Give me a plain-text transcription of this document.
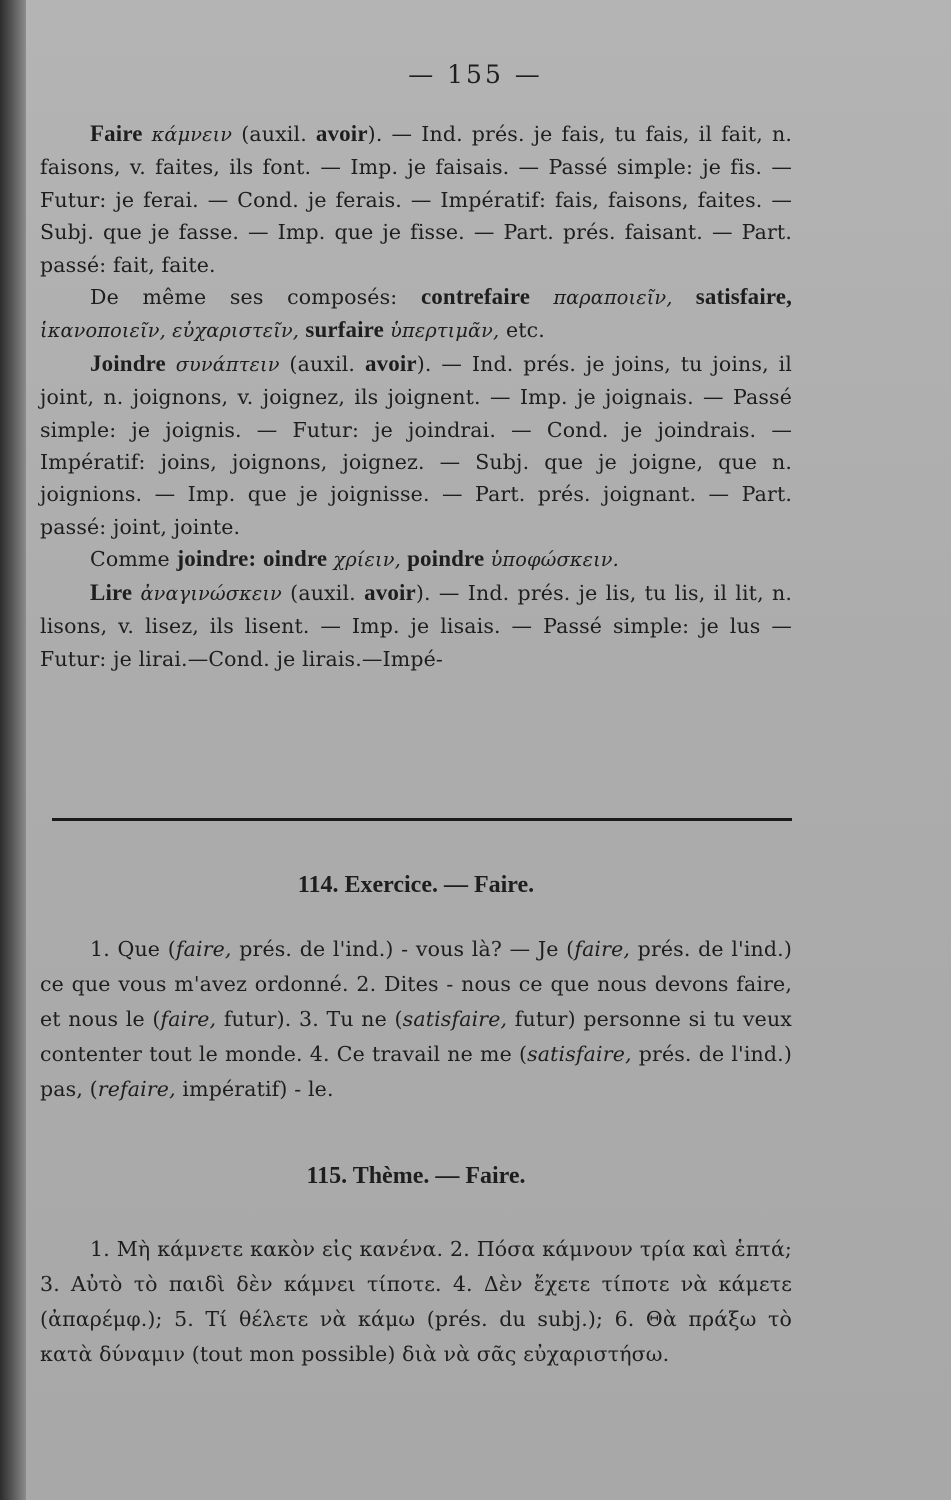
— 155 —

Faire κάμνειν (auxil. avoir). — Ind. prés. je fais, tu fais, il fait, n. faisons, v. faites, ils font. — Imp. je faisais. — Passé simple: je fis. — Futur: je ferai. — Cond. je ferais. — Impératif: fais, faisons, faites. — Subj. que je fasse. — Imp. que je fisse. — Part. prés. faisant. — Part. passé: fait, faite.

De même ses composés: contrefaire παραποιεῖν, satisfaire, ἱκανοποιεῖν, εὐχαριστεῖν, surfaire ὑπερτιμᾶν, etc.

Joindre συνάπτειν (auxil. avoir). — Ind. prés. je joins, tu joins, il joint, n. joignons, v. joignez, ils joignent. — Imp. je joignais. — Passé simple: je joignis. — Futur: je joindrai. — Cond. je joindrais. — Impératif: joins, joignons, joignez. — Subj. que je joigne, que n. joignions. — Imp. que je joignisse. — Part. prés. joignant. — Part. passé: joint, jointe.

Comme joindre: oindre χρίειν, poindre ὑποφώσκειν.

Lire ἀναγινώσκειν (auxil. avoir). — Ind. prés. je lis, tu lis, il lit, n. lisons, v. lisez, ils lisent. — Imp. je lisais. — Passé simple: je lus —Futur: je lirai.—Cond. je lirais.—Impé-

114. Exercice. — Faire.

1. Que (faire, prés. de l'ind.) - vous là? — Je (faire, prés. de l'ind.) ce que vous m'avez ordonné. 2. Dites - nous ce que nous devons faire, et nous le (faire, futur). 3. Tu ne (satisfaire, futur) personne si tu veux contenter tout le monde. 4. Ce travail ne me (satisfaire, prés. de l'ind.) pas, (refaire, impératif) - le.

115. Thème. — Faire.

1. Μὴ κάμνετε κακὸν εἰς κανένα. 2. Πόσα κάμνουν τρία καὶ ἑπτά; 3. Αὐτὸ τὸ παιδὶ δὲν κάμνει τίποτε. 4. Δὲν ἔχετε τίποτε νὰ κάμετε (ἀπαρέμφ.); 5. Τί θέλετε νὰ κάμω (prés. du subj.); 6. Θὰ πράξω τὸ κατὰ δύναμιν (tout mon possible) διὰ νὰ σᾶς εὐχαριστήσω.
